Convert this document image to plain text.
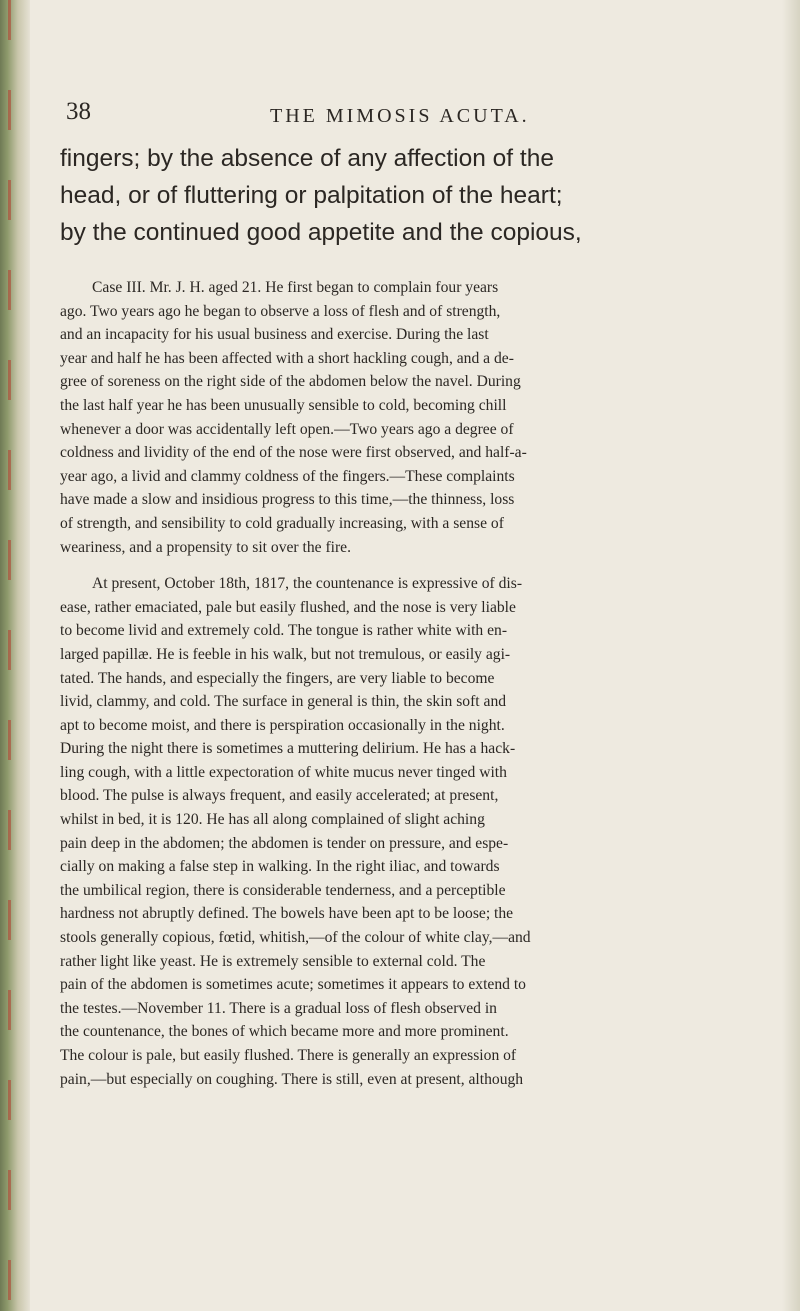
38	THE MIMOSIS ACUTA.
fingers; by the absence of any affection of the
head, or of fluttering or palpitation of the heart;
by the continued good appetite and the copious,
Case III. Mr. J. H. aged 21. He first began to complain four years
ago. Two years ago he began to observe a loss of flesh and of strength,
and an incapacity for his usual business and exercise. During the last
year and half he has been affected with a short hackling cough, and a de-
gree of soreness on the right side of the abdomen below the navel. During
the last half year he has been unusually sensible to cold, becoming chill
whenever a door was accidentally left open.—Two years ago a degree of
coldness and lividity of the end of the nose were first observed, and half-a-
year ago, a livid and clammy coldness of the fingers.—These complaints
have made a slow and insidious progress to this time,—the thinness, loss
of strength, and sensibility to cold gradually increasing, with a sense of
weariness, and a propensity to sit over the fire.
At present, October 18th, 1817, the countenance is expressive of dis-
ease, rather emaciated, pale but easily flushed, and the nose is very liable
to become livid and extremely cold. The tongue is rather white with en-
larged papillæ. He is feeble in his walk, but not tremulous, or easily agi-
tated. The hands, and especially the fingers, are very liable to become
livid, clammy, and cold. The surface in general is thin, the skin soft and
apt to become moist, and there is perspiration occasionally in the night.
During the night there is sometimes a muttering delirium. He has a hack-
ling cough, with a little expectoration of white mucus never tinged with
blood. The pulse is always frequent, and easily accelerated; at present,
whilst in bed, it is 120. He has all along complained of slight aching
pain deep in the abdomen; the abdomen is tender on pressure, and espe-
cially on making a false step in walking. In the right iliac, and towards
the umbilical region, there is considerable tenderness, and a perceptible
hardness not abruptly defined. The bowels have been apt to be loose; the
stools generally copious, fœtid, whitish,—of the colour of white clay,—and
rather light like yeast. He is extremely sensible to external cold. The
pain of the abdomen is sometimes acute; sometimes it appears to extend to
the testes.—November 11. There is a gradual loss of flesh observed in
the countenance, the bones of which became more and more prominent.
The colour is pale, but easily flushed. There is generally an expression of
pain,—but especially on coughing. There is still, even at present, although
